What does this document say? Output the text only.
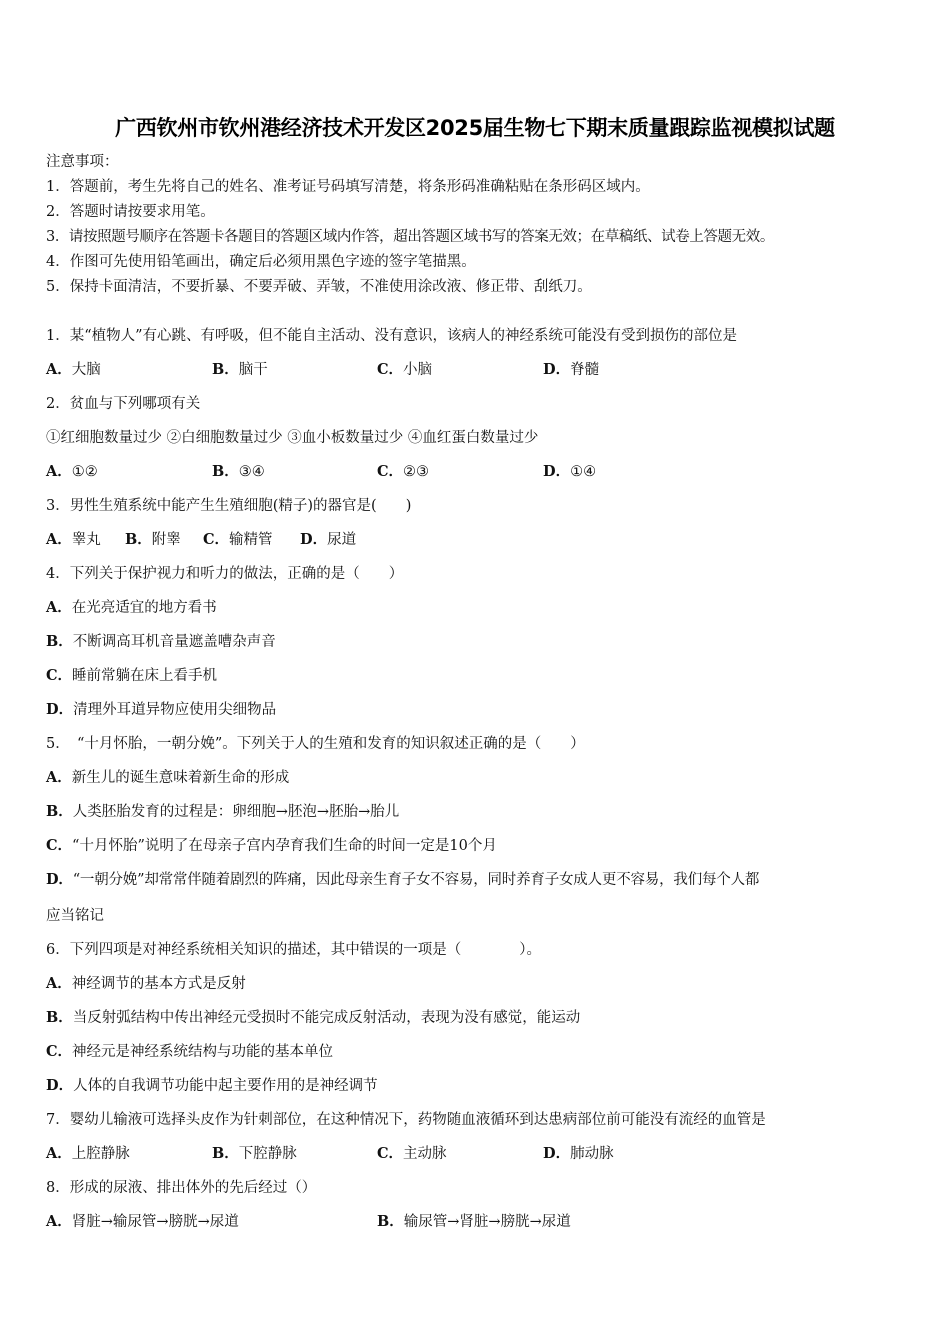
广西钦州市钦州港经济技术开发区2025届生物七下期末质量跟踪监视模拟试题
注意事项：
1．答题前，考生先将自己的姓名、准考证号码填写清楚，将条形码准确粘贴在条形码区域内。
2．答题时请按要求用笔。
3．请按照题号顺序在答题卡各题目的答题区域内作答，超出答题区域书写的答案无效；在草稿纸、试卷上答题无效。
4．作图可先使用铅笔画出，确定后必须用黑色字迹的签字笔描黑。
5．保持卡面清洁，不要折暴、不要弄破、弄皱，不准使用涂改液、修正带、刮纸刀。
1．某“植物人”有心跳、有呼吸，但不能自主活动、没有意识，该病人的神经系统可能没有受到损伤的部位是
A．大脑	B．脑干	C．小脑	D．脊髓
2．贫血与下列哪项有关
①红细胞数量过少 ②白细胞数量过少 ③血小板数量过少 ④血红蛋白数量过少
A．①②	B．③④	C．②③	D．①④
3．男性生殖系统中能产生生殖细胞(精子)的器官是(　　)
A．睾丸 B．附睾 C．输精管 D．尿道
4．下列关于保护视力和听力的做法，正确的是（　　）
A．在光亮适宜的地方看书
B．不断调高耳机音量遮盖嘈杂声音
C．睡前常躺在床上看手机
D．清理外耳道异物应使用尖细物品
5．　“十月怀胎，一朝分娩”。下列关于人的生殖和发育的知识叙述正确的是（　　）
A．新生儿的诞生意味着新生命的形成
B．人类胚胎发育的过程是：卵细胞→胚泡→胚胎→胎儿
C．“十月怀胎”说明了在母亲子宫内孕育我们生命的时间一定是10个月
D．“一朝分娩”却常常伴随着剧烈的阵痛，因此母亲生育子女不容易，同时养育子女成人更不容易，我们每个人都
应当铭记
6．下列四项是对神经系统相关知识的描述，其中错误的一项是（　　　　）。
A．神经调节的基本方式是反射
B．当反射弧结构中传出神经元受损时不能完成反射活动，表现为没有感觉，能运动
C．神经元是神经系统结构与功能的基本单位
D．人体的自我调节功能中起主要作用的是神经调节
7．婴幼儿输液可选择头皮作为针刺部位，在这种情况下，药物随血液循环到达患病部位前可能没有流经的血管是
A．上腔静脉	B．下腔静脉	C．主动脉	D．肺动脉
8．形成的尿液、排出体外的先后经过（）
A．肾脏→输尿管→膀胱→尿道	B．输尿管→肾脏→膀胱→尿道
